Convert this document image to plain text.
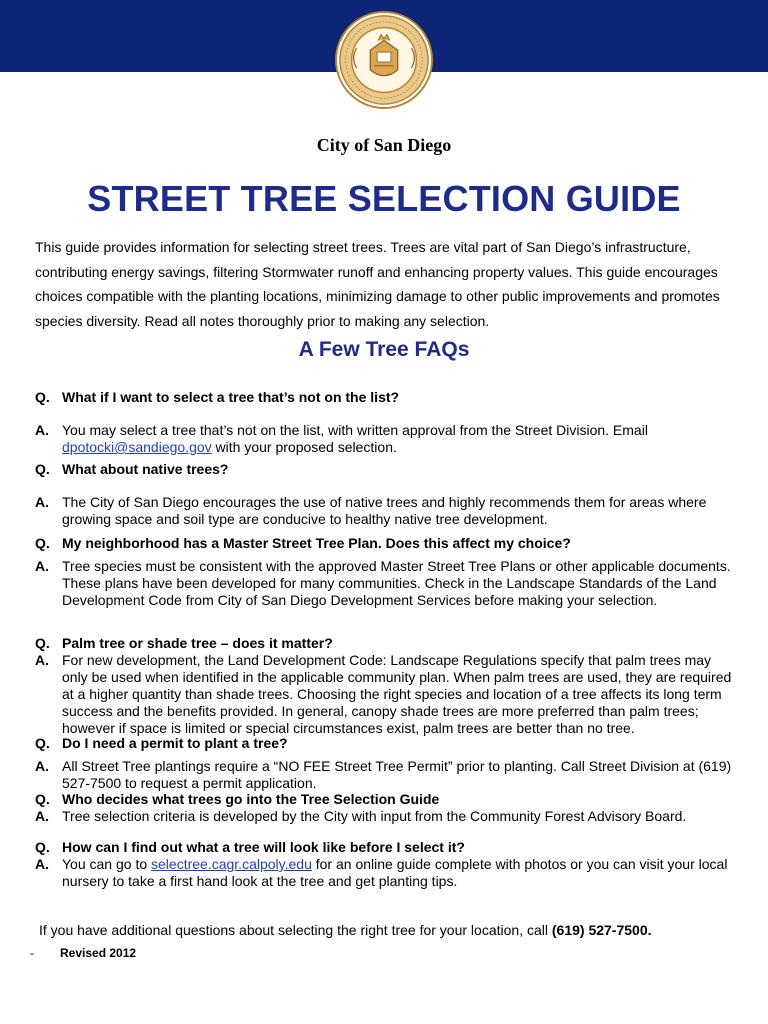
City of San Diego
STREET TREE SELECTION GUIDE

This guide provides information for selecting street trees. Trees are vital part of San Diego’s infrastructure, contributing energy savings, filtering Stormwater runoff and enhancing property values. This guide encourages choices compatible with the planting locations, minimizing damage to other public improvements and promotes species diversity. Read all notes thoroughly prior to making any selection.

A Few Tree FAQs
Q. What if I want to select a tree that’s not on the list?
A. You may select a tree that’s not on the list, with written approval from the Street Division. Email dpotocki@sandiego.gov with your proposed selection.
Q. What about native trees?
A. The City of San Diego encourages the use of native trees and highly recommends them for areas where growing space and soil type are conducive to healthy native tree development.
Q. My neighborhood has a Master Street Tree Plan. Does this affect my choice?
A. Tree species must be consistent with the approved Master Street Tree Plans or other applicable documents. These plans have been developed for many communities. Check in the Landscape Standards of the Land Development Code from City of San Diego Development Services before making your selection.
Q. Palm tree or shade tree – does it matter?
A. For new development, the Land Development Code: Landscape Regulations specify that palm trees may only be used when identified in the applicable community plan. When palm trees are used, they are required at a higher quantity than shade trees. Choosing the right species and location of a tree affects its long term success and the benefits provided. In general, canopy shade trees are more preferred than palm trees; however if space is limited or special circumstances exist, palm trees are better than no tree.
Q. Do I need a permit to plant a tree?
A. All Street Tree plantings require a “NO FEE Street Tree Permit” prior to planting. Call Street Division at (619) 527-7500 to request a permit application.
Q. Who decides what trees go into the Tree Selection Guide
A. Tree selection criteria is developed by the City with input from the Community Forest Advisory Board.
Q. How can I find out what a tree will look like before I select it?
A. You can go to selectree.cagr.calpoly.edu for an online guide complete with photos or you can visit your local nursery to take a first hand look at the tree and get planting tips.
If you have additional questions about selecting the right tree for your location, call (619) 527-7500.
- Revised 2012
